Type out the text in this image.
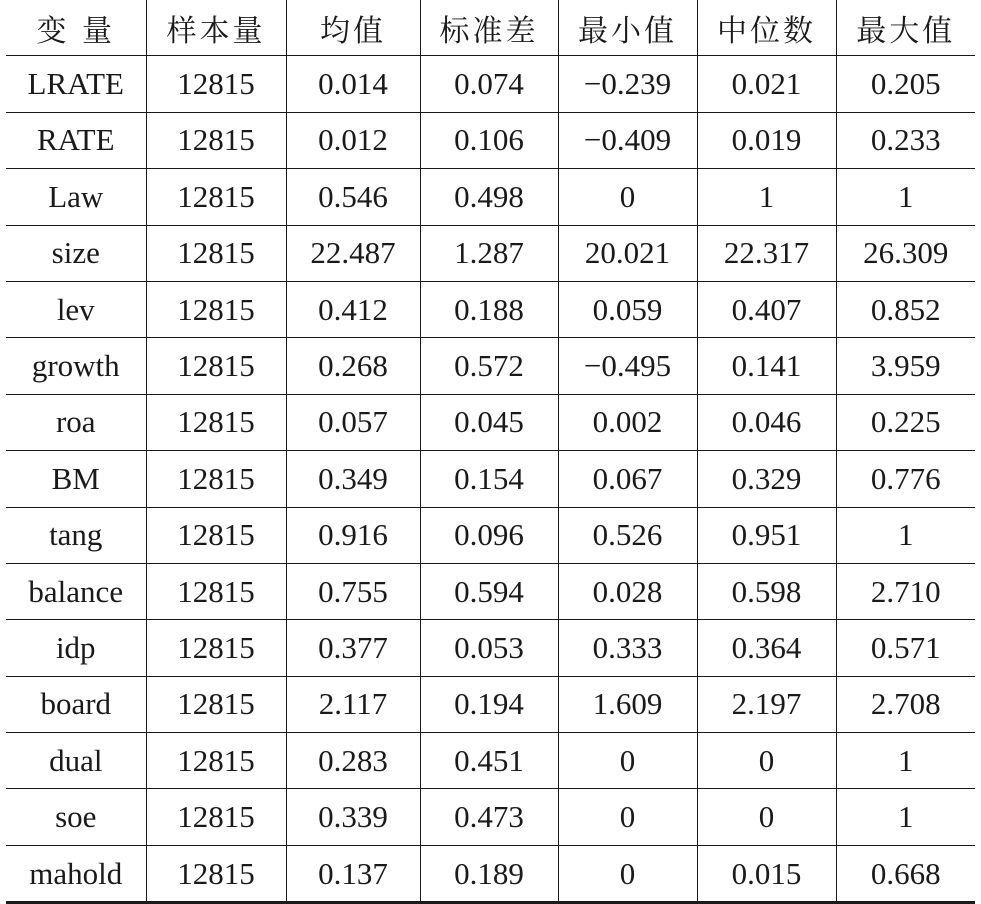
变 量	样本量	均值	标准差	最小值	中位数	最大值
LRATE	12815	0.014	0.074	−0.239	0.021	0.205
RATE	12815	0.012	0.106	−0.409	0.019	0.233
Law	12815	0.546	0.498	0	1	1
size	12815	22.487	1.287	20.021	22.317	26.309
lev	12815	0.412	0.188	0.059	0.407	0.852
growth	12815	0.268	0.572	−0.495	0.141	3.959
roa	12815	0.057	0.045	0.002	0.046	0.225
BM	12815	0.349	0.154	0.067	0.329	0.776
tang	12815	0.916	0.096	0.526	0.951	1
balance	12815	0.755	0.594	0.028	0.598	2.710
idp	12815	0.377	0.053	0.333	0.364	0.571
board	12815	2.117	0.194	1.609	2.197	2.708
dual	12815	0.283	0.451	0	0	1
soe	12815	0.339	0.473	0	0	1
mahold	12815	0.137	0.189	0	0.015	0.668
